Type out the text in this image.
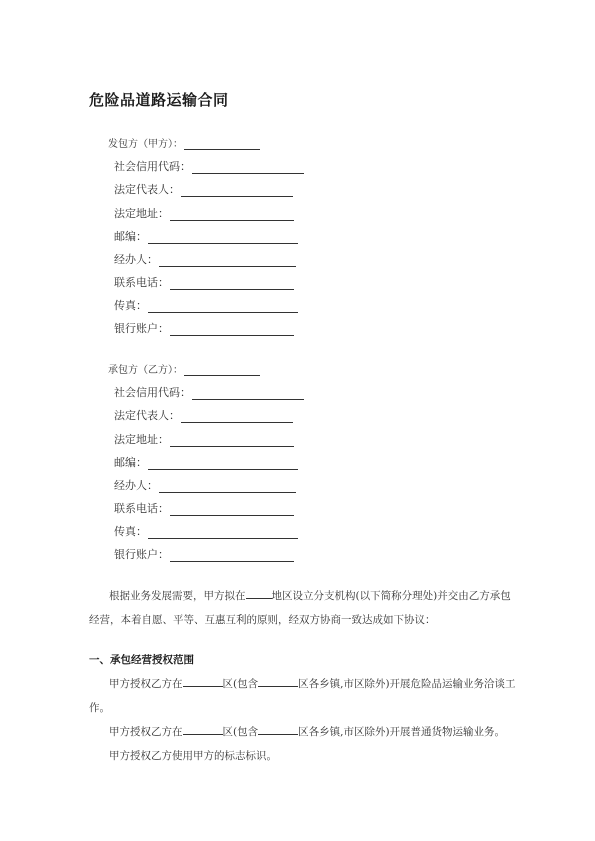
危险品道路运输合同
发包方（甲方）：
社会信用代码：
法定代表人：
法定地址：
邮编：
经办人：
联系电话：
传真：
银行账户：
承包方（乙方）：
社会信用代码：
法定代表人：
法定地址：
邮编：
经办人：
联系电话：
传真：
银行账户：

根据业务发展需要，甲方拟在 地区设立分支机构(以下简称分理处)并交由乙方承包经营，本着自愿、平等、互惠互利的原则，经双方协商一致达成如下协议：

一、承包经营授权范围

甲方授权乙方在	区(包含	区各乡镇,市区除外)开展危险品运输业务洽谈工作。

甲方授权乙方在	区(包含	区各乡镇,市区除外)开展普通货物运输业务。

甲方授权乙方使用甲方的标志标识。
